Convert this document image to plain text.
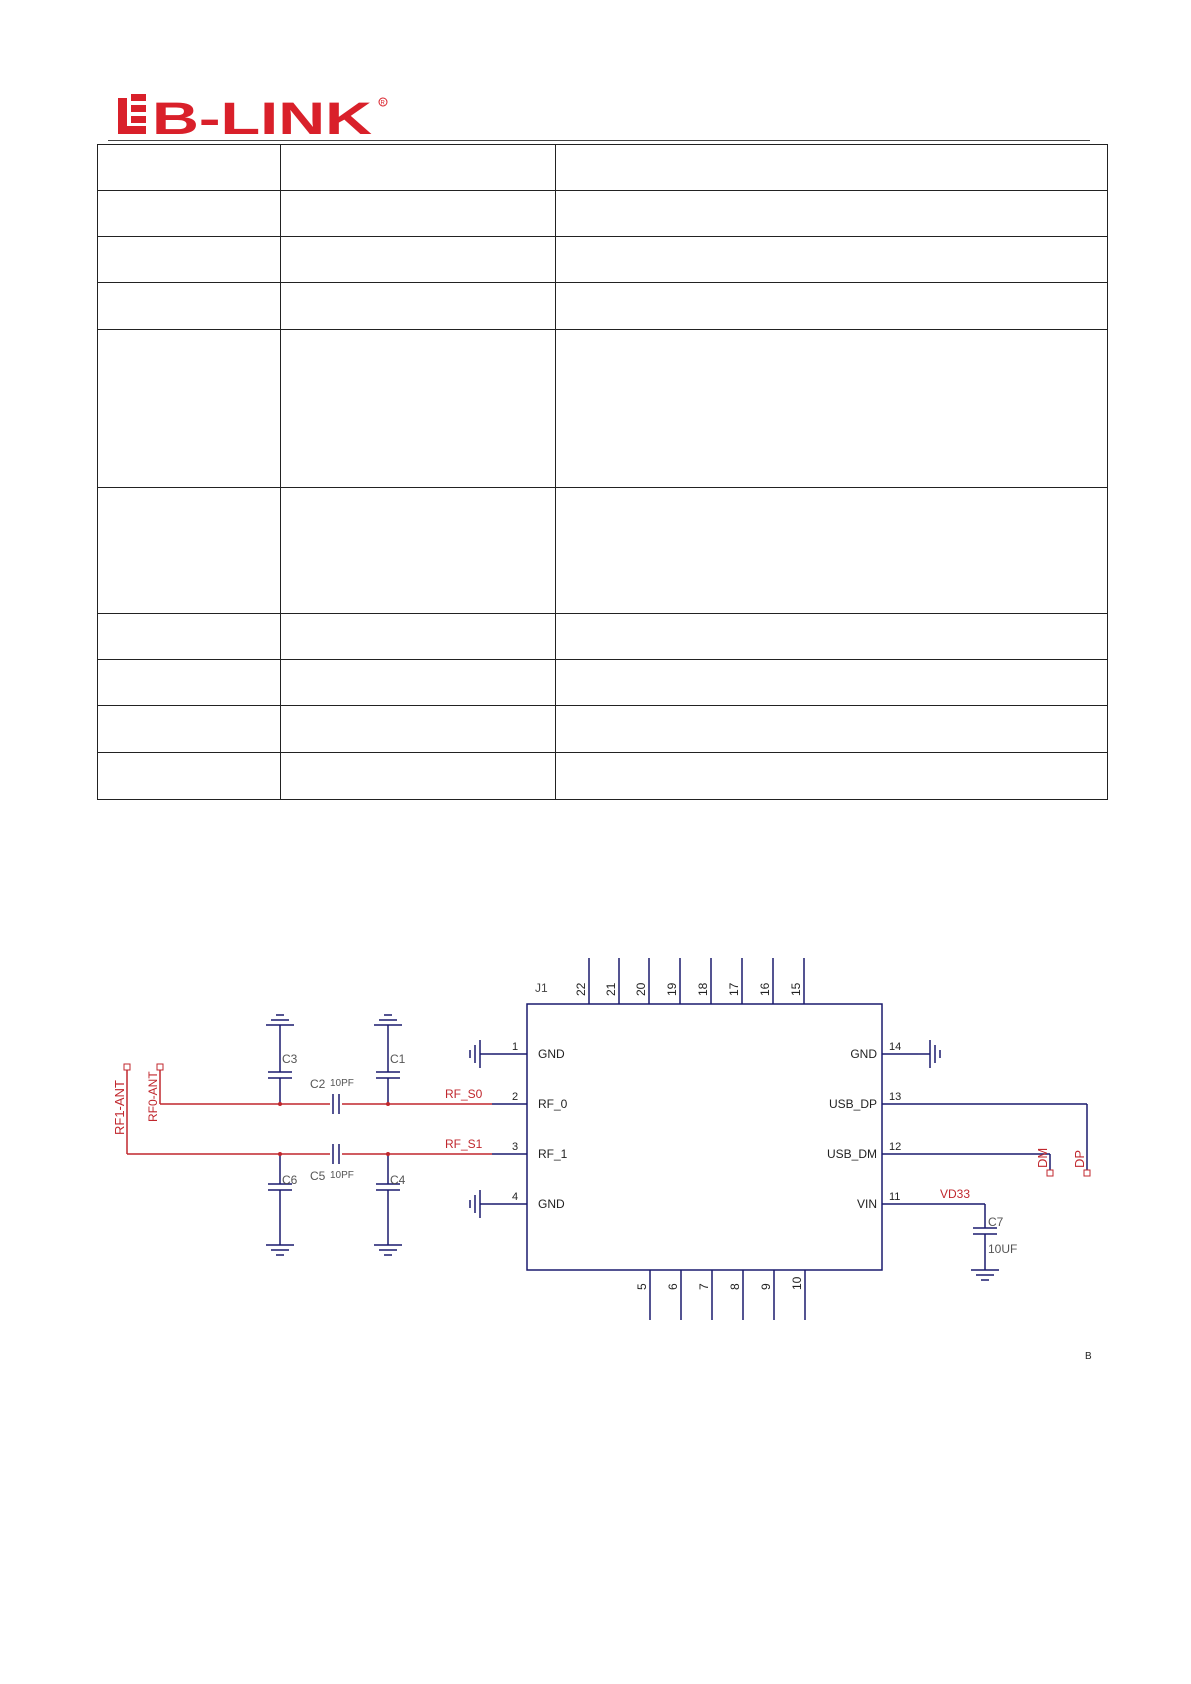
B-LINK R

J1 22 21 20 19 18 17 16 15
5 6 7 8 9 10
1 GND
2 RF_0
3 RF_1
4 GND
14
GND
13
USB_DP
12
USB_DM
11
VIN
RF_S0
RF_S1
RF1-ANT RF0-ANT	C2 10PF
C5 10PF
C3	C1
C6	C4
DP
DM
VD33
C7
10UF
B
